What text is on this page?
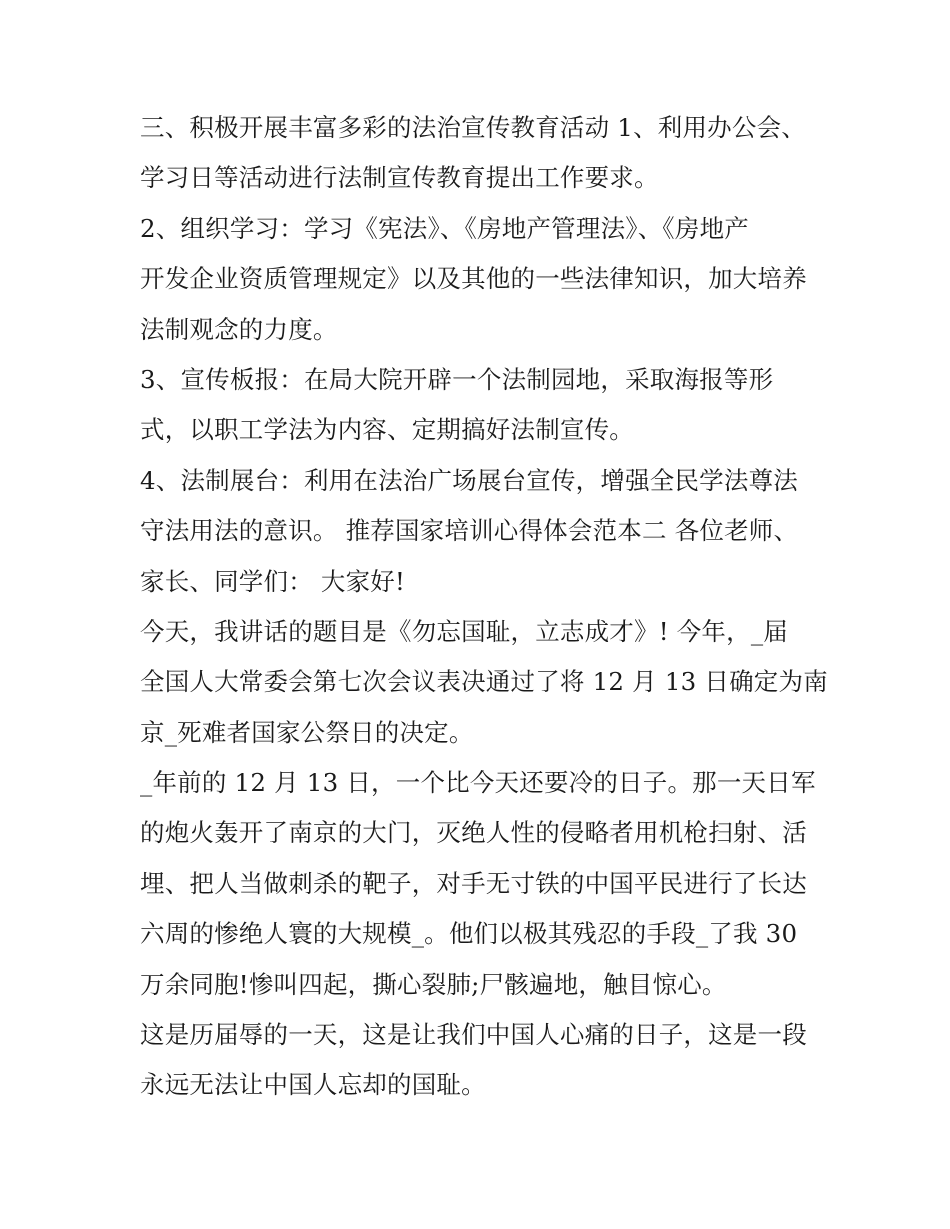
三、积极开展丰富多彩的法治宣传教育活动 1、利用办公会、
学习日等活动进行法制宣传教育提出工作要求。
2、组织学习：学习《宪法》、《房地产管理法》、《房地产
开发企业资质管理规定》以及其他的一些法律知识，加大培养
法制观念的力度。
3、宣传板报：在局大院开辟一个法制园地，采取海报等形
式，以职工学法为内容、定期搞好法制宣传。
4、法制展台：利用在法治广场展台宣传，增强全民学法尊法
守法用法的意识。 推荐国家培训心得体会范本二 各位老师、
家长、同学们： 大家好!
今天，我讲话的题目是《勿忘国耻，立志成才》! 今年，_届
全国人大常委会第七次会议表决通过了将 12 月 13 日确定为南
京_死难者国家公祭日的决定。
_年前的 12 月 13 日，一个比今天还要冷的日子。那一天日军
的炮火轰开了南京的大门，灭绝人性的侵略者用机枪扫射、活
埋、把人当做刺杀的靶子，对手无寸铁的中国平民进行了长达
六周的惨绝人寰的大规模_。他们以极其残忍的手段_了我 30
万余同胞!惨叫四起，撕心裂肺;尸骸遍地，触目惊心。
这是历届辱的一天，这是让我们中国人心痛的日子，这是一段
永远无法让中国人忘却的国耻。
